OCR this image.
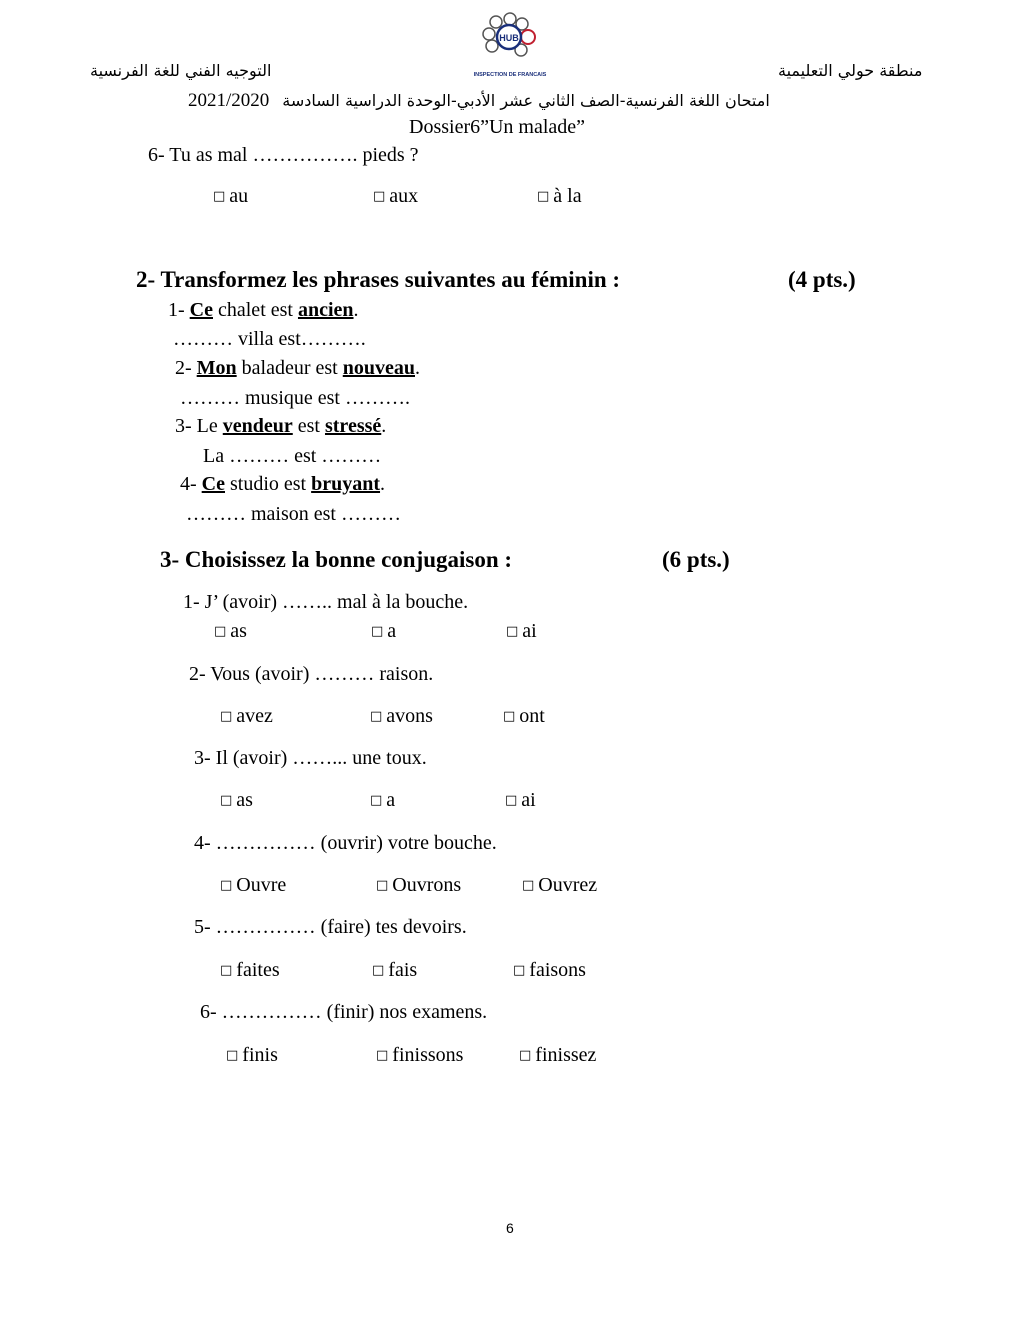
HUB
INSPECTION DE FRANCAIS
التوجيه الفني للغة الفرنسية	منطقة حولي التعليمية
2021/2020 امتحان اللغة الفرنسية-الصف الثاني عشر الأدبي-الوحدة الدراسية السادسة
Dossier6”Un malade”
6- Tu as mal ……………. pieds ?
□ au	□ aux	□ à la
2- Transformez les phrases suivantes au féminin :	(4 pts.)
1- Ce chalet est ancien.
……… villa est……….
2- Mon baladeur est nouveau.
……… musique est ……….
3- Le vendeur est stressé.
La ……… est ………
4- Ce studio est bruyant.
……… maison est ………
3- Choisissez la bonne conjugaison :	(6 pts.)
1- J’ (avoir) …….. mal à la bouche.
□ as	□ a	□ ai
2- Vous (avoir) ……… raison.
□ avez	□ avons	□ ont
3- Il (avoir) ……... une toux.
□ as	□ a	□ ai
4- …………… (ouvrir) votre bouche.
□ Ouvre	□ Ouvrons	□ Ouvrez
5- …………… (faire) tes devoirs.
□ faites	□ fais	□ faisons
6- …………… (finir) nos examens.
□ finis	□ finissons	□ finissez
6
